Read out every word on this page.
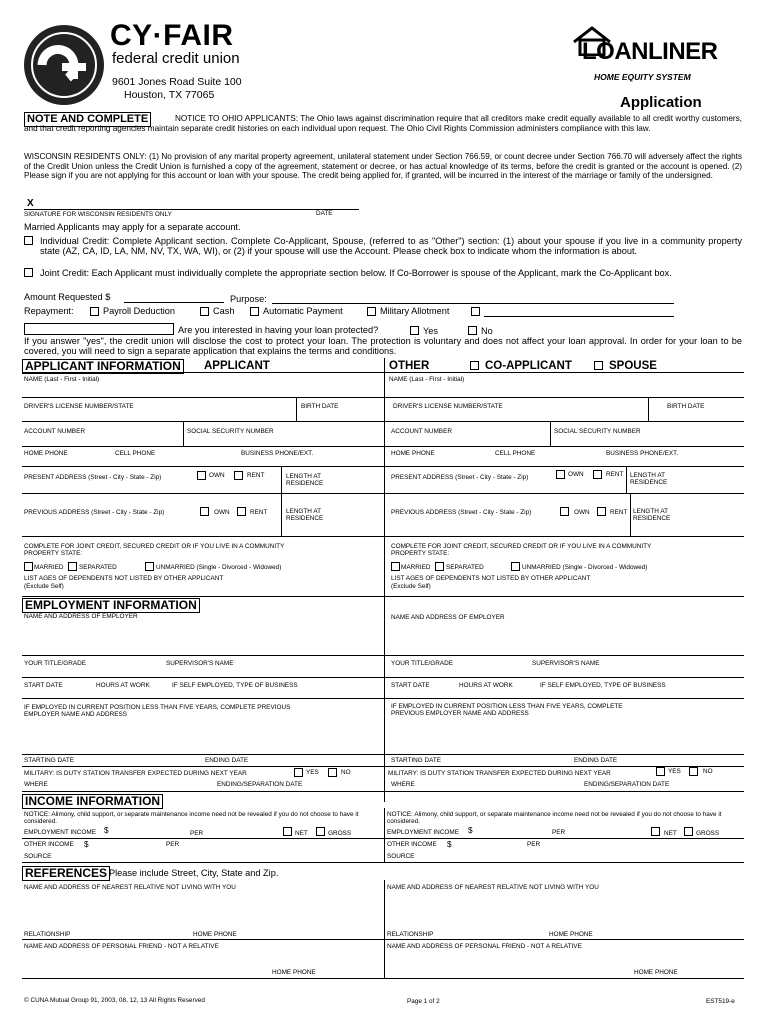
CY·FAIR
federal credit union
9601 Jones Road Suite 100
Houston, TX 77065
LOANLINER
HOME EQUITY SYSTEM
Application
NOTE AND COMPLETE	NOTICE TO OHIO APPLICANTS: The Ohio laws against discrimination require that all creditors make credit equally available to all credit worthy customers, and that credit reporting agencies maintain separate credit histories on each individual upon request. The Ohio Civil Rights Commission administers compliance with this law.
WISCONSIN RESIDENTS ONLY: (1) No provision of any marital property agreement, unilateral statement under Section 766.59, or count decree under Section 766.70 will adversely affect the rights of the Credit Union unless the Credit Union is furnished a copy of the agreement, statement or decree, or has actual knowledge of its terms, before the credit is granted or the account is opened. (2) Please sign if you are not applying for this account or loan with your spouse. The credit being applied for, if granted, will be incurred in the interest of the marriage or family of the undersigned.
X
SIGNATURE FOR WISCONSIN RESIDENTS ONLY	DATE
Married Applicants may apply for a separate account.
Individual Credit: Complete Applicant section. Complete Co-Applicant, Spouse, (referred to as "Other") section: (1) about your spouse if you live in a community property state (AZ, CA, ID, LA, NM, NV, TX, WA, WI), or (2) if your spouse will use the Account. Please check box to indicate whom the information is about.
Joint Credit: Each Applicant must individually complete the appropriate section below. If Co-Borrower is spouse of the Applicant, mark the Co-Applicant box.
Amount Requested $	Purpose:
Repayment:	Payroll Deduction	Cash	Automatic Payment	Military Allotment
Are you interested in having your loan protected?	Yes	No
If you answer "yes", the credit union will disclose the cost to protect your loan. The protection is voluntary and does not affect your loan approval. In order for your loan to be covered, you will need to sign a separate application that explains the terms and conditions.
APPLICANT INFORMATION APPLICANT	OTHER	CO-APPLICANT	SPOUSE
NAME (Last - First - Initial)	NAME (Last - First - Initial)
DRIVER'S LICENSE NUMBER/STATE	BIRTH DATE	DRIVER'S LICENSE NUMBER/STATE	BIRTH DATE
ACCOUNT NUMBER	SOCIAL SECURITY NUMBER	ACCOUNT NUMBER	SOCIAL SECURITY NUMBER
HOME PHONE	CELL PHONE	BUSINESS PHONE/EXT.	HOME PHONE	CELL PHONE	BUSINESS PHONE/EXT.
PRESENT ADDRESS (Street - City - State - Zip)	OWN	RENT	LENGTH AT RESIDENCE
PRESENT ADDRESS (Street - City - State - Zip)	OWN	RENT LENGTH AT RESIDENCE
PREVIOUS ADDRESS (Street - City - State - Zip)	OWN	RENT	LENGTH AT RESIDENCE
PREVIOUS ADDRESS (Street - City - State - Zip)	OWN	RENT LENGTH AT RESIDENCE
COMPLETE FOR JOINT CREDIT, SECURED CREDIT OR IF YOU LIVE IN A COMMUNITY PROPERTY STATE:
MARRIED SEPARATED	UNMARRIED (Single - Divorced - Widowed)
LIST AGES OF DEPENDENTS NOT LISTED BY OTHER APPLICANT
(Exclude Self)
COMPLETE FOR JOINT CREDIT, SECURED CREDIT OR IF YOU LIVE IN A COMMUNITY PROPERTY STATE:
MARRIED SEPARATED	UNMARRIED (Single - Divorced - Widowed)
LIST AGES OF DEPENDENTS NOT LISTED BY OTHER APPLICANT
(Exclude Self)
EMPLOYMENT INFORMATION
NAME AND ADDRESS OF EMPLOYER	NAME AND ADDRESS OF EMPLOYER
YOUR TITLE/GRADE	SUPERVISOR'S NAME	YOUR TITLE/GRADE	SUPERVISOR'S NAME
START DATE	HOURS AT WORK	IF SELF EMPLOYED, TYPE OF BUSINESS	START DATE	HOURS AT WORK	IF SELF EMPLOYED, TYPE OF BUSINESS
IF EMPLOYED IN CURRENT POSITION LESS THAN FIVE YEARS, COMPLETE PREVIOUS EMPLOYER NAME AND ADDRESS
IF EMPLOYED IN CURRENT POSITION LESS THAN FIVE YEARS, COMPLETE PREVIOUS EMPLOYER NAME AND ADDRESS
STARTING DATE	ENDING DATE	STARTING DATE	ENDING DATE
MILITARY: IS DUTY STATION TRANSFER EXPECTED DURING NEXT YEAR	YES	NO
WHERE	ENDING/SEPARATION DATE
MILITARY: IS DUTY STATION TRANSFER EXPECTED DURING NEXT YEAR	YES	NO
WHERE	ENDING/SEPARATION DATE
INCOME INFORMATION
NOTICE: Alimony, child support, or separate maintenance income need not be revealed if you do not choose to have it considered.
NOTICE: Alimony, child support, or separate maintenance income need not be revealed if you do not choose to have it considered.
EMPLOYMENT INCOME $	PER	NET	GROSS	EMPLOYMENT INCOME $	PER	NET	GROSS
OTHER INCOME $	PER
SOURCE
OTHER INCOME $	PER
SOURCE
REFERENCES Please include Street, City, State and Zip.
NAME AND ADDRESS OF NEAREST RELATIVE NOT LIVING WITH YOU	NAME AND ADDRESS OF NEAREST RELATIVE NOT LIVING WITH YOU
RELATIONSHIP	HOME PHONE	RELATIONSHIP	HOME PHONE
NAME AND ADDRESS OF PERSONAL FRIEND - NOT A RELATIVE	NAME AND ADDRESS OF PERSONAL FRIEND - NOT A RELATIVE
HOME PHONE	HOME PHONE
© CUNA Mutual Group 91, 2003, 08, 12, 13 All Rights Reserved	Page 1 of 2	EST519-e
